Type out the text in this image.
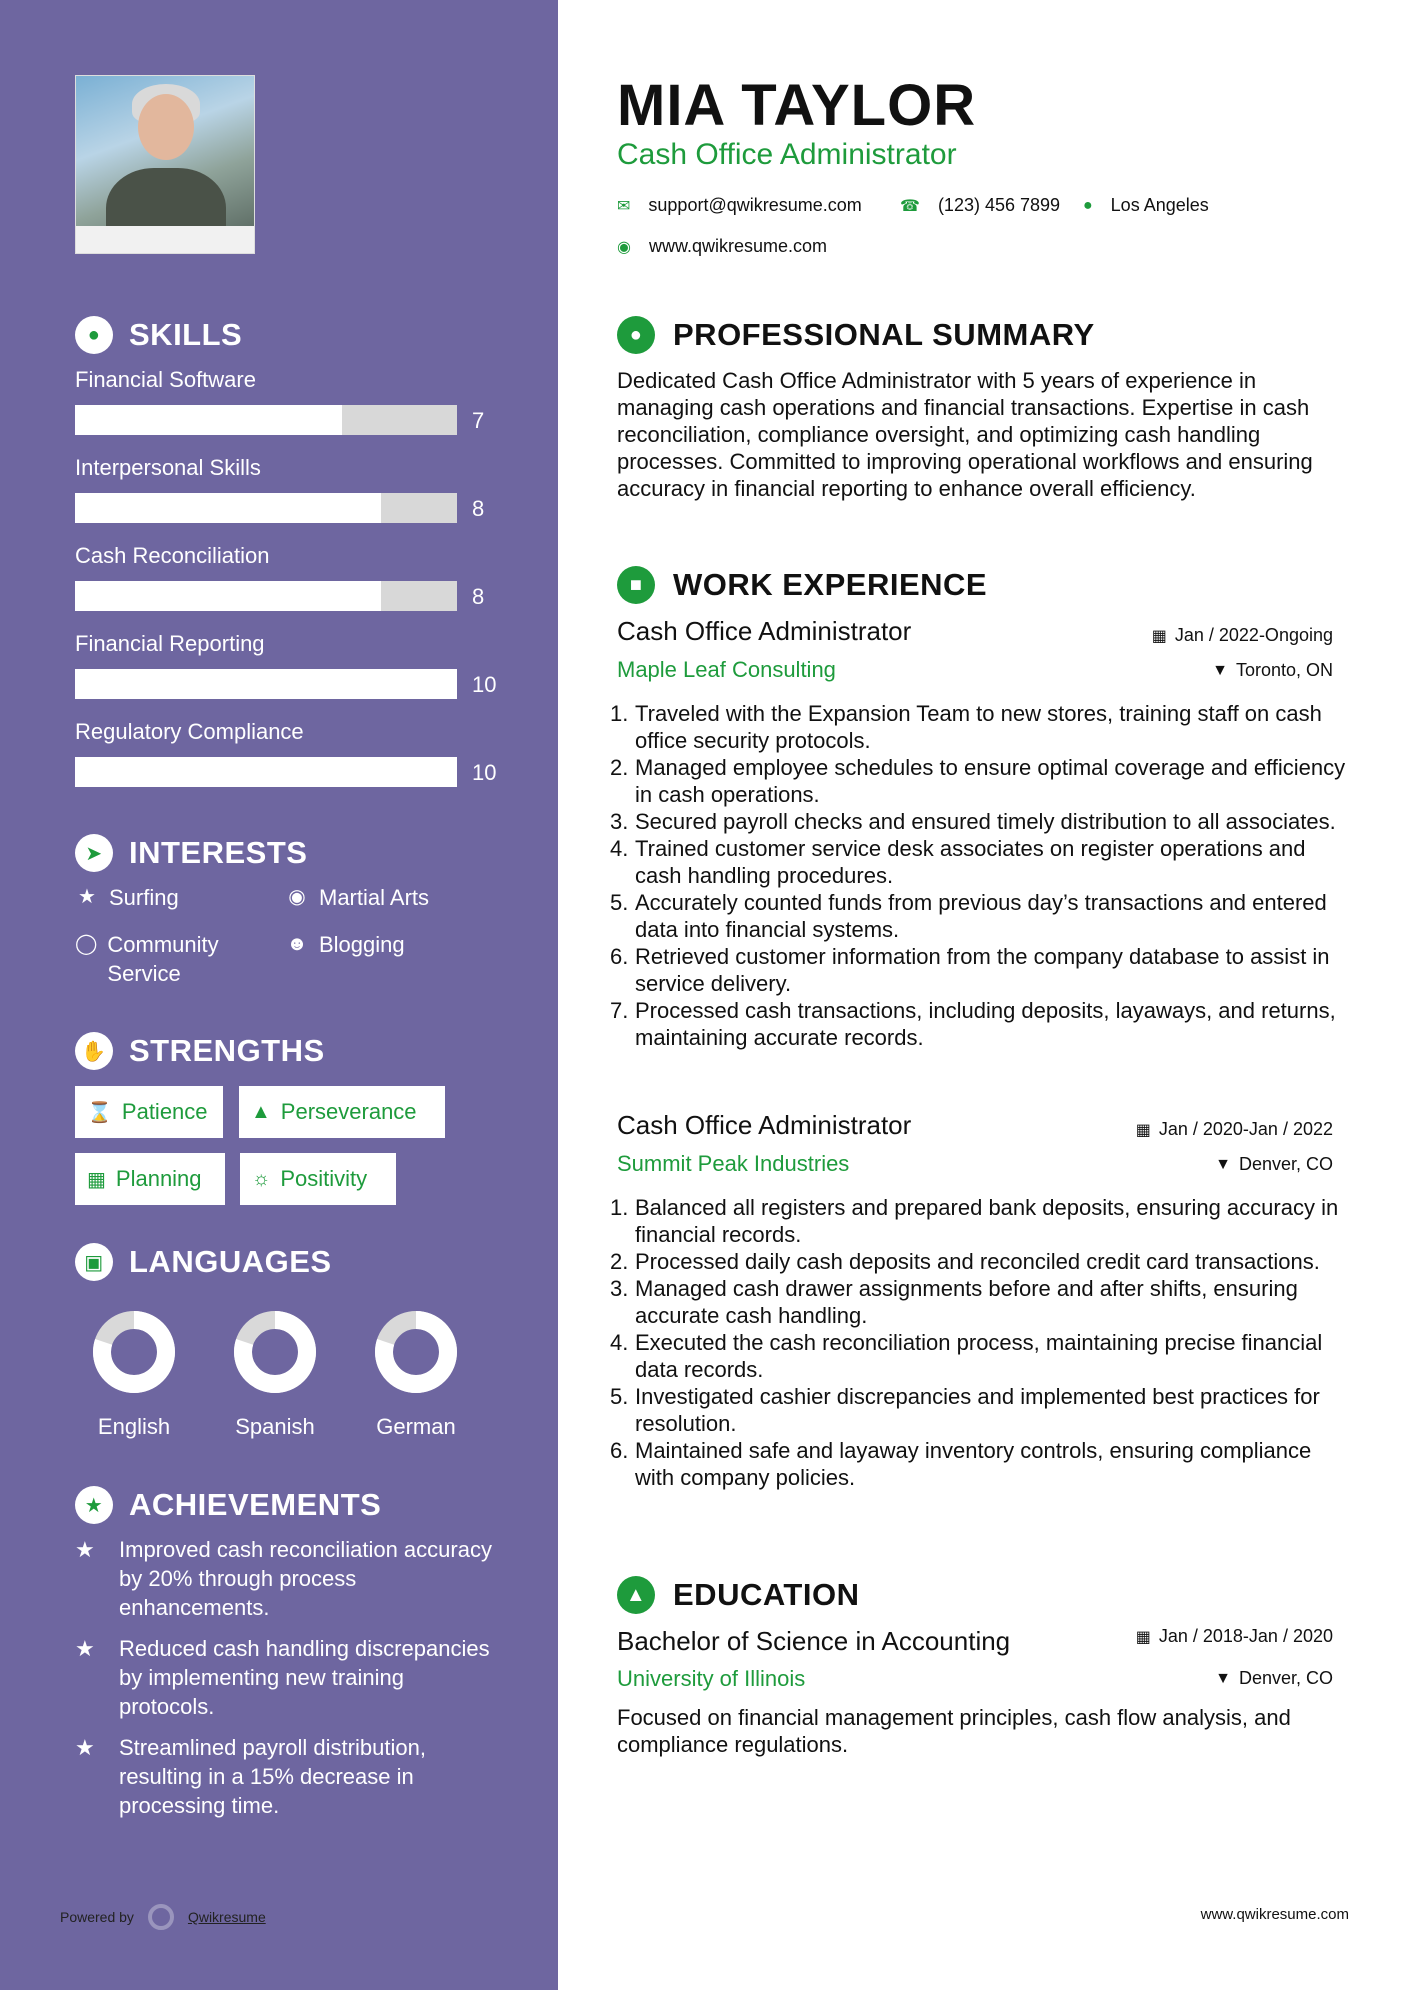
● SKILLS
Financial Software
7
Interpersonal Skills
8
Cash Reconciliation
8
Financial Reporting
10
Regulatory Compliance
10
➤ INTERESTS
★ Surfing	◉ Martial Arts
◯ Community Service
☻ Blogging
✋ STRENGTHS
⌛ Patience ▲ Perseverance
▦ Planning	☼ Positivity
▣ LANGUAGES
English	Spanish	German
★ ACHIEVEMENTS
★	Improved cash reconciliation accuracy by 20% through process enhancements.
★	Reduced cash handling discrepancies by implementing new training protocols.
★	Streamlined payroll distribution, resulting in a 15% decrease in processing time.
Powered by	Qwikresume
MIA TAYLOR
Cash Office Administrator
✉ support@qwikresume.com ☎ (123) 456 7899 ● Los Angeles
◉ www.qwikresume.com
● PROFESSIONAL SUMMARY
Dedicated Cash Office Administrator with 5 years of experience in managing cash operations and financial transactions. Expertise in cash reconciliation, compliance oversight, and optimizing cash handling processes. Committed to improving operational workflows and ensuring accuracy in financial reporting to enhance overall efficiency.
■ WORK EXPERIENCE
Cash Office Administrator	▦ Jan / 2022-Ongoing
Maple Leaf Consulting	▼ Toronto, ON
1. Traveled with the Expansion Team to new stores, training staff on cash office security protocols.
2. Managed employee schedules to ensure optimal coverage and efficiency in cash operations.
3. Secured payroll checks and ensured timely distribution to all associates.
4. Trained customer service desk associates on register operations and cash handling procedures.
5. Accurately counted funds from previous day’s transactions and entered data into financial systems.
6. Retrieved customer information from the company database to assist in service delivery.
7. Processed cash transactions, including deposits, layaways, and returns, maintaining accurate records.
Cash Office Administrator	▦ Jan / 2020-Jan / 2022
Summit Peak Industries	▼ Denver, CO
1. Balanced all registers and prepared bank deposits, ensuring accuracy in financial records.
2. Processed daily cash deposits and reconciled credit card transactions.
3. Managed cash drawer assignments before and after shifts, ensuring accurate cash handling.
4. Executed the cash reconciliation process, maintaining precise financial data records.
5. Investigated cashier discrepancies and implemented best practices for resolution.
6. Maintained safe and layaway inventory controls, ensuring compliance with company policies.
▲ EDUCATION
Bachelor of Science in Accounting	▦ Jan / 2018-Jan / 2020
University of Illinois	▼ Denver, CO
Focused on financial management principles, cash flow analysis, and compliance regulations.
www.qwikresume.com
